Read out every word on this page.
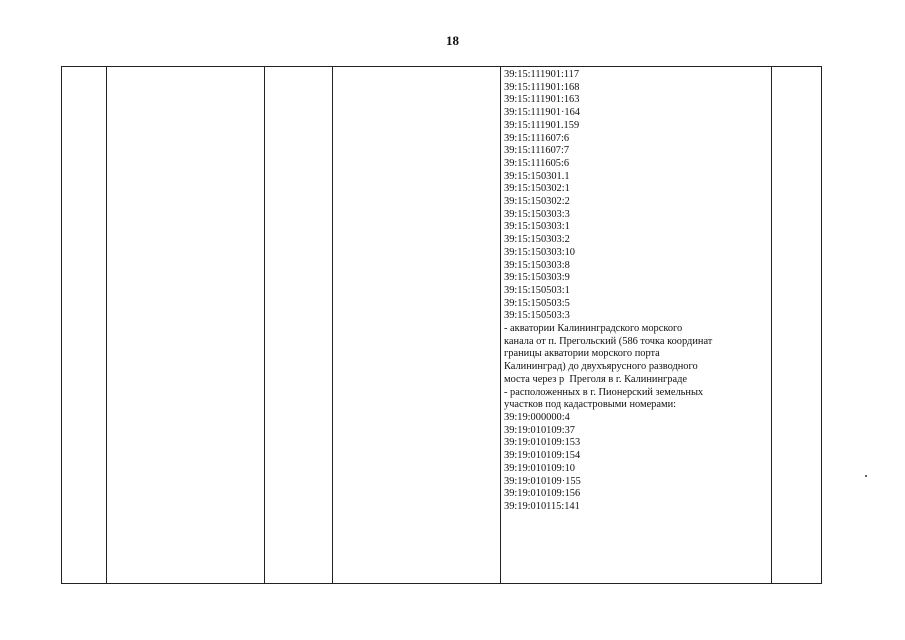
18
39:15:111901:117
39:15:111901:168
39:15:111901:163
39:15:111901·164
39:15:111901.159
39:15:111607:6
39:15:111607:7
39:15:111605:6
39:15:150301.1
39:15:150302:1
39:15:150302:2
39:15:150303:3
39:15:150303:1
39:15:150303:2
39:15:150303:10
39:15:150303:8
39:15:150303:9
39:15:150503:1
39:15:150503:5
39:15:150503:3
- акватории Калининградского морского
канала от п. Прегольский (586 точка координат
границы акватории морского порта
Калининград) до двухъярусного разводного
моста через р  Преголя в г. Калининграде
- расположенных в г. Пионерский земельных
участков под кадастровыми номерами:
39:19:000000:4
39:19:010109:37
39:19:010109:153
39:19:010109:154
39:19:010109:10
39:19:010109·155
39:19:010109:156
39:19:010115:141
